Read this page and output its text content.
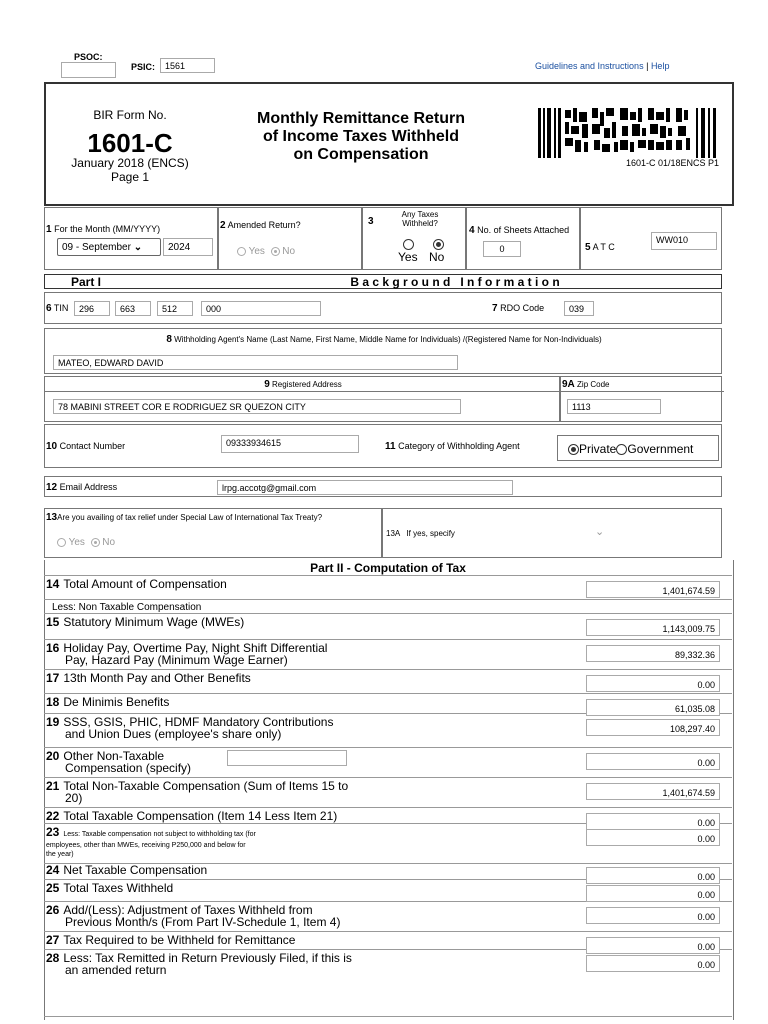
PSOC:
PSIC:	1561	Guidelines and Instructions | Help
BIR Form No.
1601-C
January 2018 (ENCS)
Page 1
Monthly Remittance Return
of Income Taxes Withheld
on Compensation	1601-C 01/18ENCS P1
1 For the Month (MM/YYYY)
09 - September ⌄	2024
2 Amended Return?
Yes No
3
Any Taxes
Withheld?
Yes No
4 No. of Sheets Attached
0	5 A T C
WW010
Part I	B a c k g r o u n d   I n f o r m a t i o n
6 TIN	296	663	512	000	7 RDO Code	039
8 Withholding Agent's Name (Last Name, First Name, Middle Name for Individuals) /(Registered Name for Non-Individuals)
MATEO, EDWARD DAVID
9 Registered Address
78 MABINI STREET COR E RODRIGUEZ SR QUEZON CITY
9A Zip Code
1113
10 Contact Number	09333934615	11 Category of Withholding Agent	Private Government
12 Email Address	lrpg.accotg@gmail.com
13Are you availing of tax relief under Special Law of International Tax Treaty?
Yes No
13A   If yes, specify	⌄
Part II - Computation of Tax
14 Total Amount of Compensation	1,401,674.59
15 Statutory Minimum Wage (MWEs)	1,143,009.75
16 Holiday Pay, Overtime Pay, Night Shift Differential
Pay, Hazard Pay (Minimum Wage Earner)	89,332.36
17 13th Month Pay and Other Benefits	0.00
18 De Minimis Benefits	61,035.08
19 SSS, GSIS, PHIC, HDMF Mandatory Contributions
and Union Dues (employee's share only)	108,297.40
20 Other Non-Taxable
Compensation (specify)	0.00
21 Total Non-Taxable Compensation (Sum of Items 15 to
20)	1,401,674.59
22 Total Taxable Compensation (Item 14 Less Item 21)	0.00
23 Less: Taxable compensation not subject to withholding tax (for
employees, other than MWEs, receiving P250,000 and below for
the year)
0.00
24 Net Taxable Compensation	0.00
25 Total Taxes Withheld	0.00
26 Add/(Less): Adjustment of Taxes Withheld from
Previous Month/s (From Part IV-Schedule 1, Item 4)	0.00
27 Tax Required to be Withheld for Remittance	0.00
28 Less: Tax Remitted in Return Previously Filed, if this is
an amended return	0.00
Less: Non Taxable Compensation
